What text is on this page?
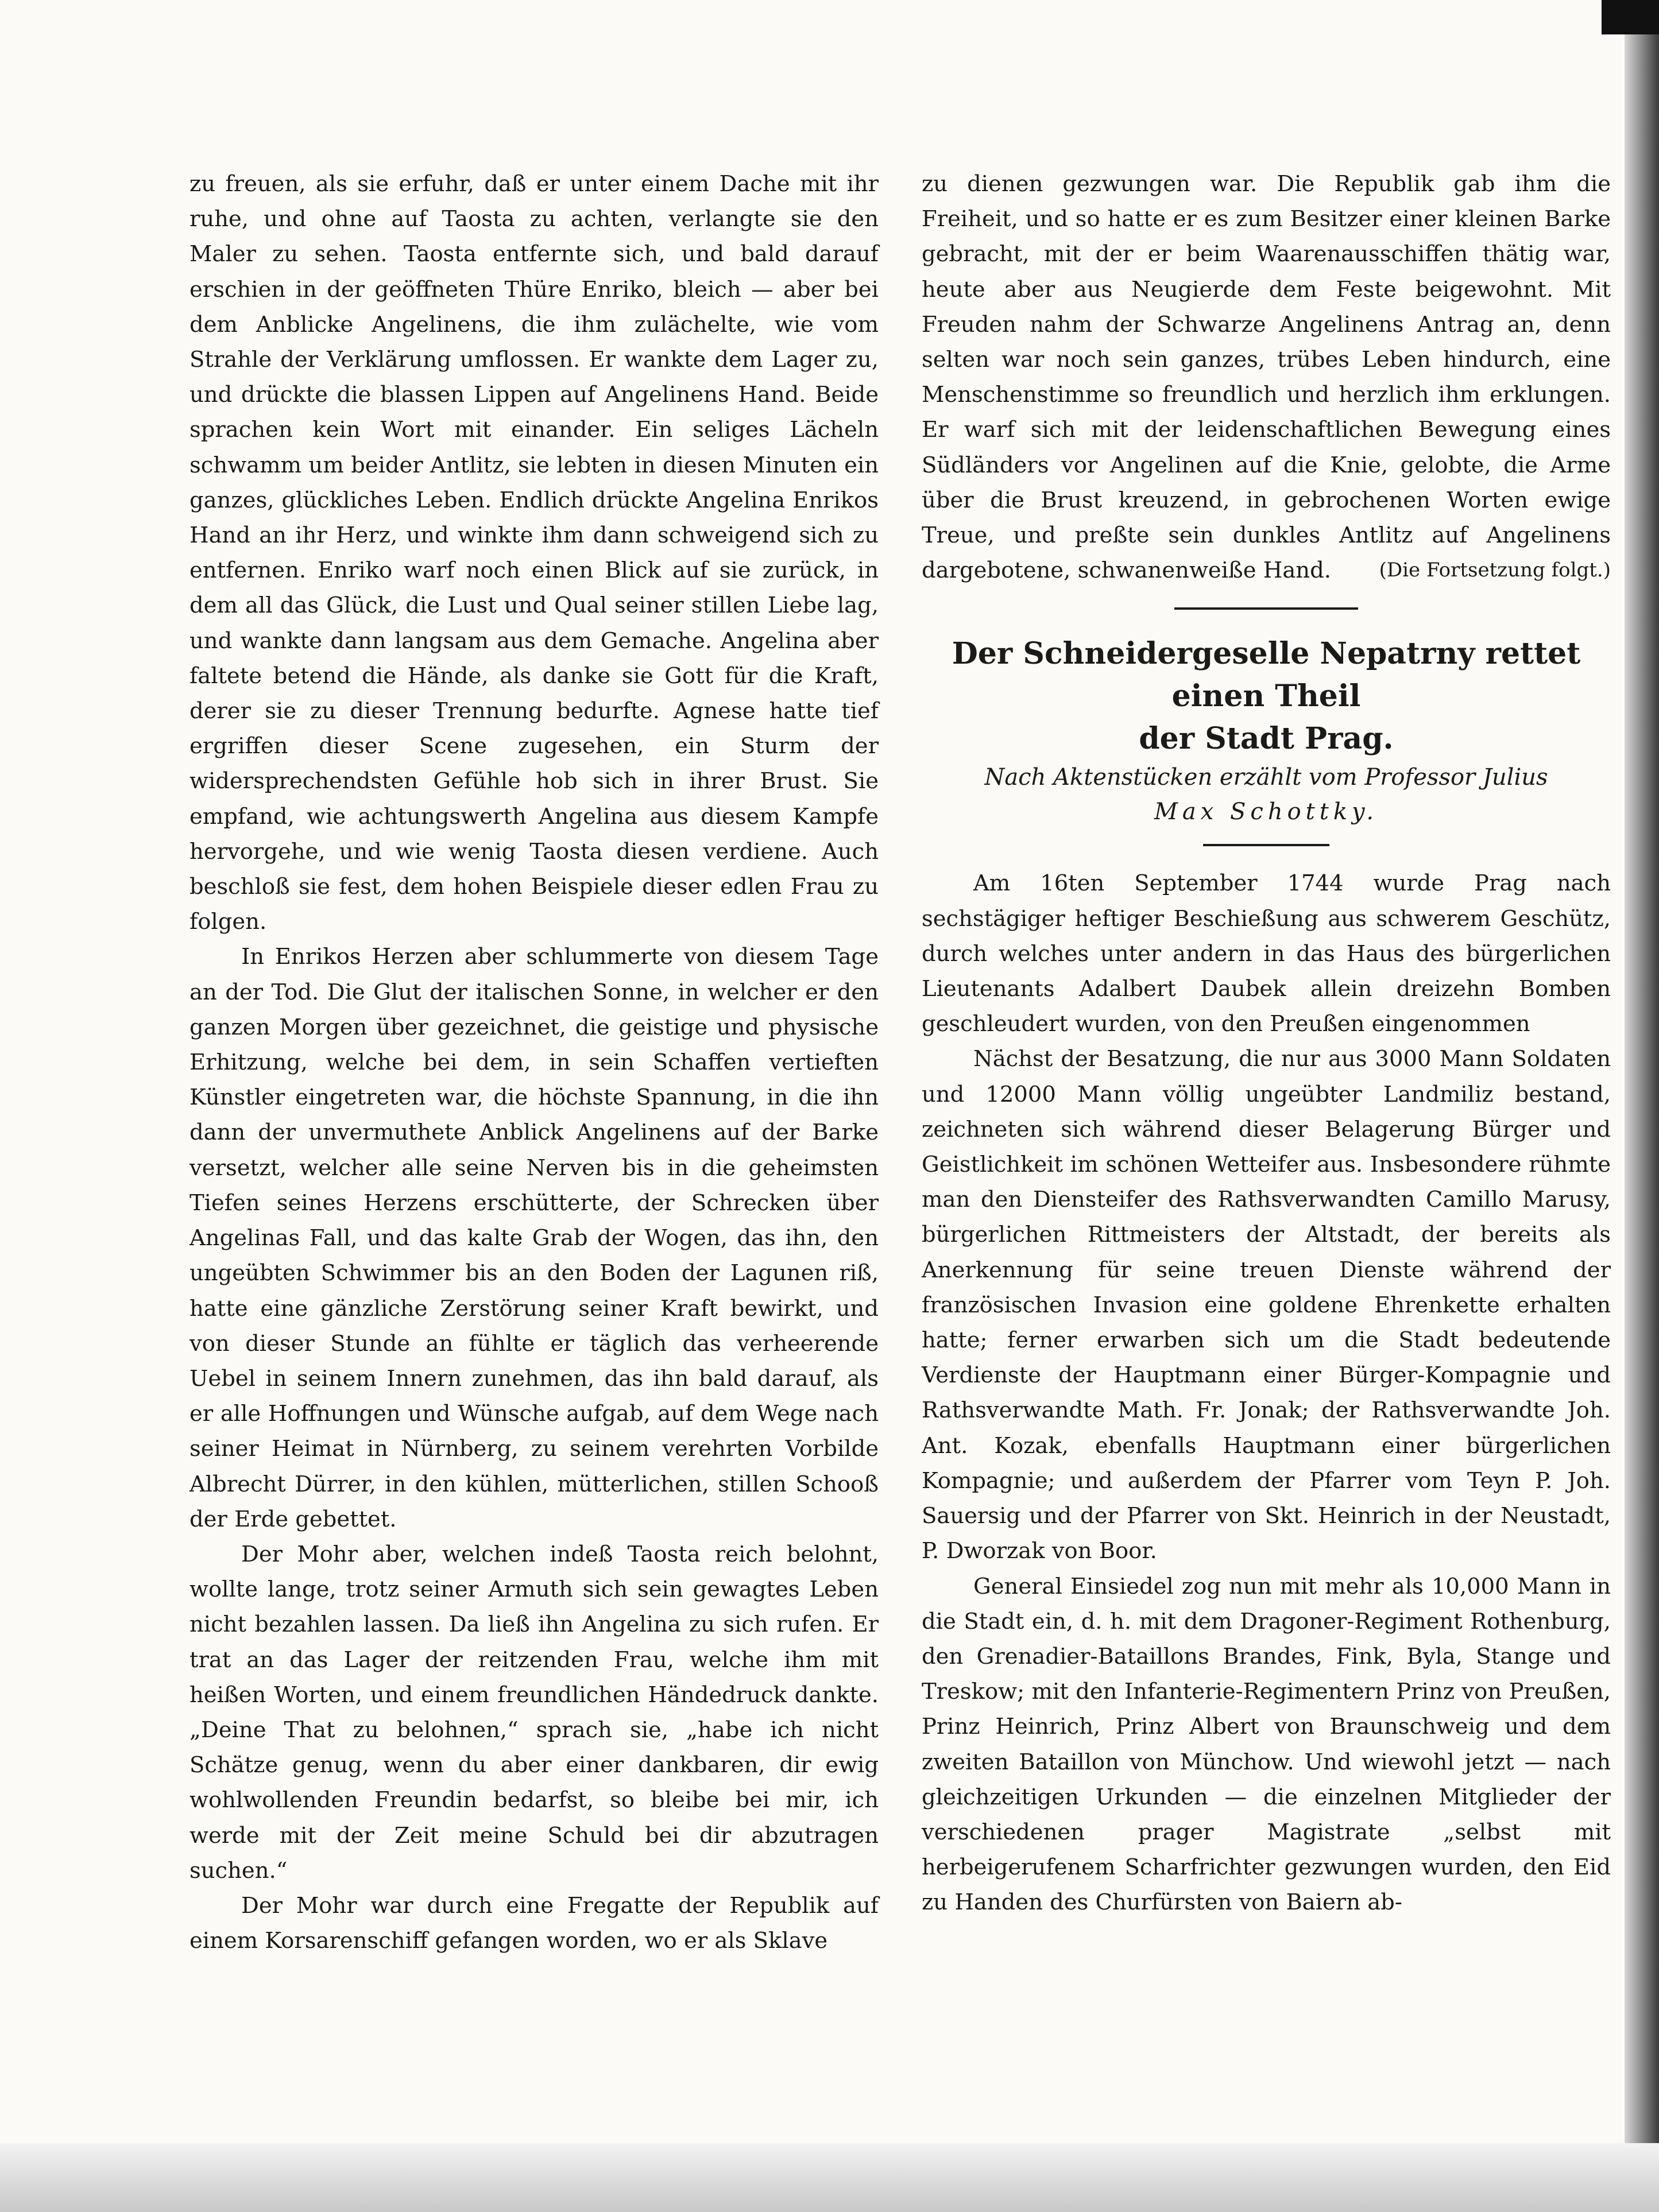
zu freuen, als sie erfuhr, daß er unter einem Dache mit ihr ruhe, und ohne auf Taosta zu achten, verlangte sie den Maler zu sehen. Taosta entfernte sich, und bald darauf erschien in der geöffneten Thüre Enriko, bleich — aber bei dem Anblicke Angelinens, die ihm zulächelte, wie vom Strahle der Verklärung umflossen. Er wankte dem Lager zu, und drückte die blassen Lippen auf Angelinens Hand. Beide sprachen kein Wort mit einander. Ein seliges Lächeln schwamm um beider Antlitz, sie lebten in diesen Minuten ein ganzes, glückliches Leben. Endlich drückte Angelina Enrikos Hand an ihr Herz, und winkte ihm dann schweigend sich zu entfernen. Enriko warf noch einen Blick auf sie zurück, in dem all das Glück, die Lust und Qual seiner stillen Liebe lag, und wankte dann langsam aus dem Gemache. Angelina aber faltete betend die Hände, als danke sie Gott für die Kraft, derer sie zu dieser Trennung bedurfte. Agnese hatte tief ergriffen dieser Scene zugesehen, ein Sturm der widersprechendsten Gefühle hob sich in ihrer Brust. Sie empfand, wie achtungswerth Angelina aus diesem Kampfe hervorgehe, und wie wenig Taosta diesen verdiene. Auch beschloß sie fest, dem hohen Beispiele dieser edlen Frau zu folgen.

In Enrikos Herzen aber schlummerte von diesem Tage an der Tod. Die Glut der italischen Sonne, in welcher er den ganzen Morgen über gezeichnet, die geistige und physische Erhitzung, welche bei dem, in sein Schaffen vertieften Künstler eingetreten war, die höchste Spannung, in die ihn dann der unvermuthete Anblick Angelinens auf der Barke versetzt, welcher alle seine Nerven bis in die geheimsten Tiefen seines Herzens erschütterte, der Schrecken über Angelinas Fall, und das kalte Grab der Wogen, das ihn, den ungeübten Schwimmer bis an den Boden der Lagunen riß, hatte eine gänzliche Zerstörung seiner Kraft bewirkt, und von dieser Stunde an fühlte er täglich das verheerende Uebel in seinem Innern zunehmen, das ihn bald darauf, als er alle Hoffnungen und Wünsche aufgab, auf dem Wege nach seiner Heimat in Nürnberg, zu seinem verehrten Vorbilde Albrecht Dürrer, in den kühlen, mütterlichen, stillen Schooß der Erde gebettet.

Der Mohr aber, welchen indeß Taosta reich belohnt, wollte lange, trotz seiner Armuth sich sein gewagtes Leben nicht bezahlen lassen. Da ließ ihn Angelina zu sich rufen. Er trat an das Lager der reitzenden Frau, welche ihm mit heißen Worten, und einem freundlichen Händedruck dankte. „Deine That zu belohnen,“ sprach sie, „habe ich nicht Schätze genug, wenn du aber einer dankbaren, dir ewig wohlwollenden Freundin bedarfst, so bleibe bei mir, ich werde mit der Zeit meine Schuld bei dir abzutragen suchen.“

Der Mohr war durch eine Fregatte der Republik auf einem Korsarenschiff gefangen worden, wo er als Sklave

zu dienen gezwungen war. Die Republik gab ihm die Freiheit, und so hatte er es zum Besitzer einer kleinen Barke gebracht, mit der er beim Waarenausschiffen thätig war, heute aber aus Neugierde dem Feste beigewohnt. Mit Freuden nahm der Schwarze Angelinens Antrag an, denn selten war noch sein ganzes, trübes Leben hindurch, eine Menschenstimme so freundlich und herzlich ihm erklungen. Er warf sich mit der leidenschaftlichen Bewegung eines Südländers vor Angelinen auf die Knie, gelobte, die Arme über die Brust kreuzend, in gebrochenen Worten ewige Treue, und preßte sein dunkles Antlitz auf Angelinens dargebotene, schwanenweiße Hand.	(Die Fortsetzung folgt.)

Der Schneidergeselle Nepatrny rettet einen Theil
der Stadt Prag.

Nach Aktenstücken erzählt vom Professor Julius
Max Schottky.

Am 16ten September 1744 wurde Prag nach sechstägiger heftiger Beschießung aus schwerem Geschütz, durch welches unter andern in das Haus des bürgerlichen Lieutenants Adalbert Daubek allein dreizehn Bomben geschleudert wurden, von den Preußen eingenommen

Nächst der Besatzung, die nur aus 3000 Mann Soldaten und 12000 Mann völlig ungeübter Landmiliz bestand, zeichneten sich während dieser Belagerung Bürger und Geistlichkeit im schönen Wetteifer aus. Insbesondere rühmte man den Diensteifer des Rathsverwandten Camillo Marusy, bürgerlichen Rittmeisters der Altstadt, der bereits als Anerkennung für seine treuen Dienste während der französischen Invasion eine goldene Ehrenkette erhalten hatte; ferner erwarben sich um die Stadt bedeutende Verdienste der Hauptmann einer Bürger-Kompagnie und Rathsverwandte Math. Fr. Jonak; der Rathsverwandte Joh. Ant. Kozak, ebenfalls Hauptmann einer bürgerlichen Kompagnie; und außerdem der Pfarrer vom Teyn P. Joh. Sauersig und der Pfarrer von Skt. Heinrich in der Neustadt, P. Dworzak von Boor.

General Einsiedel zog nun mit mehr als 10,000 Mann in die Stadt ein, d. h. mit dem Dragoner-Regiment Rothenburg, den Grenadier-Bataillons Brandes, Fink, Byla, Stange und Treskow; mit den Infanterie-Regimentern Prinz von Preußen, Prinz Heinrich, Prinz Albert von Braunschweig und dem zweiten Bataillon von Münchow. Und wiewohl jetzt — nach gleichzeitigen Urkunden — die einzelnen Mitglieder der verschiedenen prager Magistrate „selbst mit herbeigerufenem Scharfrichter gezwungen wurden, den Eid zu Handen des Churfürsten von Baiern ab-
